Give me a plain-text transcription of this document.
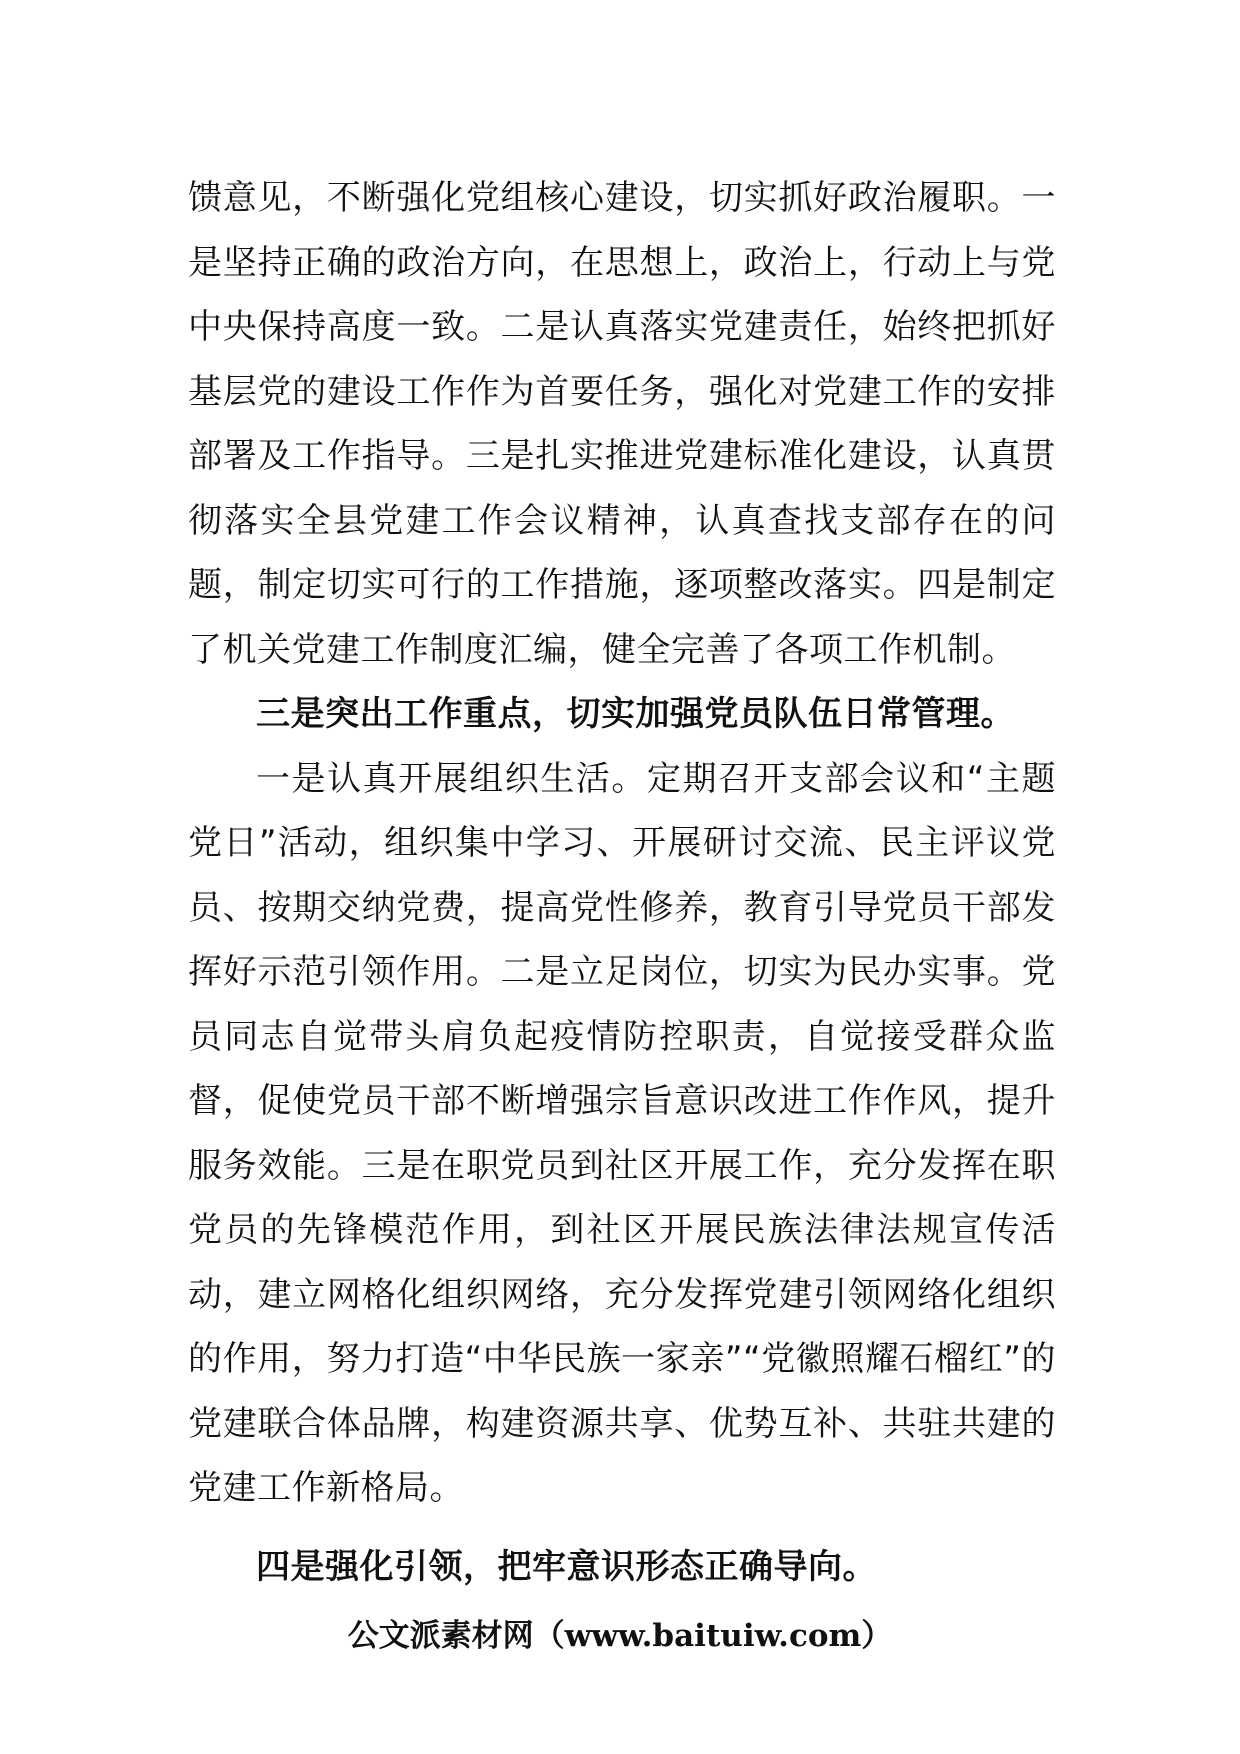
馈意见，不断强化党组核心建设，切实抓好政治履职。一是坚持正确的政治方向，在思想上，政治上，行动上与党中央保持高度一致。二是认真落实党建责任，始终把抓好基层党的建设工作作为首要任务，强化对党建工作的安排部署及工作指导。三是扎实推进党建标准化建设，认真贯彻落实全县党建工作会议精神，认真查找支部存在的问题，制定切实可行的工作措施，逐项整改落实。四是制定了机关党建工作制度汇编，健全完善了各项工作机制。

三是突出工作重点，切实加强党员队伍日常管理。

一是认真开展组织生活。定期召开支部会议和“主题党日”活动，组织集中学习、开展研讨交流、民主评议党员、按期交纳党费，提高党性修养，教育引导党员干部发挥好示范引领作用。二是立足岗位，切实为民办实事。党员同志自觉带头肩负起疫情防控职责，自觉接受群众监督，促使党员干部不断增强宗旨意识改进工作作风，提升服务效能。三是在职党员到社区开展工作，充分发挥在职党员的先锋模范作用，到社区开展民族法律法规宣传活动，建立网格化组织网络，充分发挥党建引领网络化组织的作用，努力打造“中华民族一家亲”“党徽照耀石榴红”的党建联合体品牌，构建资源共享、优势互补、共驻共建的党建工作新格局。

四是强化引领，把牢意识形态正确导向。

公文派素材网（www.baituiw.com）
